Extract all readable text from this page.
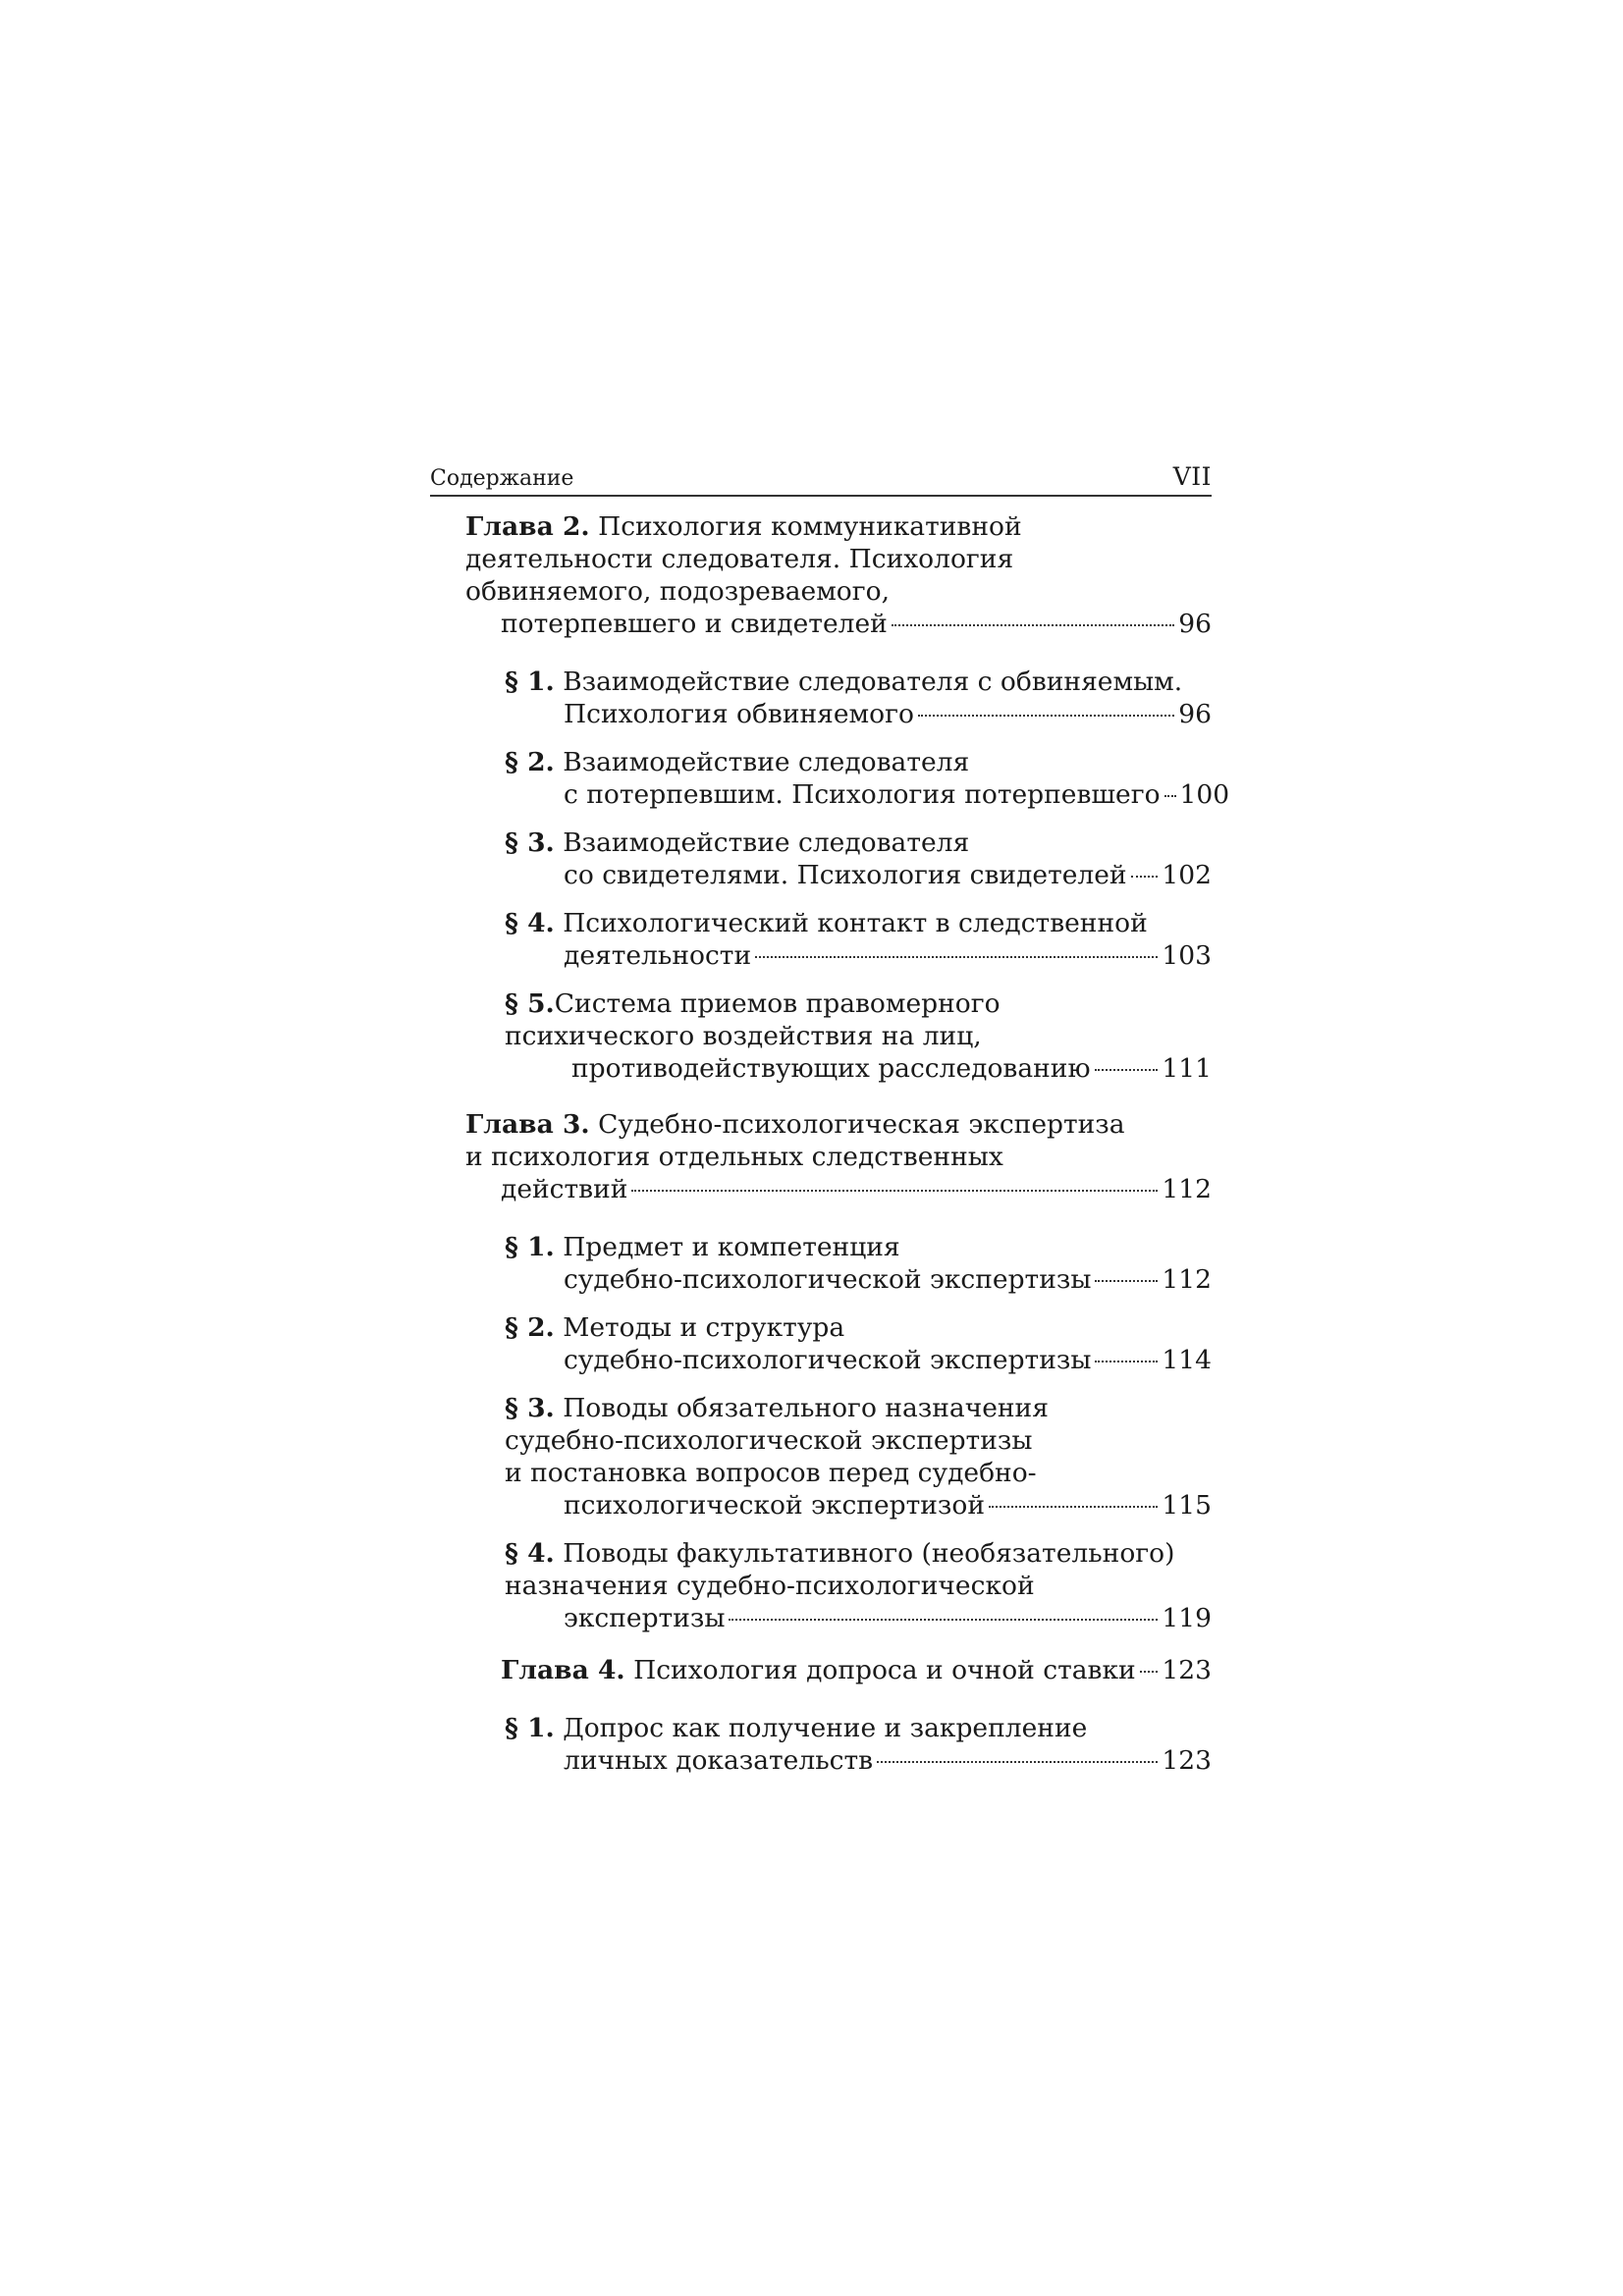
Содержание	VII
Глава 2. Психология коммуникативной
деятельности следователя. Психология
обвиняемого, подозреваемого,
потерпевшего и свидетелей	96
§ 1. Взаимодействие следователя с обвиняемым.
Психология обвиняемого	96
§ 2. Взаимодействие следователя
с потерпевшим. Психология потерпевшего 100
§ 3. Взаимодействие следователя
со свидетелями. Психология свидетелей 102
§ 4. Психологический контакт в следственной
деятельности	103
§ 5.Система приемов правомерного
психического воздействия на лиц,
противодействующих расследованию	111
Глава 3. Судебно-психологическая экспертиза
и психология отдельных следственных
действий	112
§ 1. Предмет и компетенция
судебно-психологической экспертизы	112
§ 2. Методы и структура
судебно-психологической экспертизы	114
§ 3. Поводы обязательного назначения
судебно-психологической экспертизы
и постановка вопросов перед судебно-
психологической экспертизой	115
§ 4. Поводы факультативного (необязательного)
назначения судебно-психологической
экспертизы	119
Глава 4. Психология допроса и очной ставки 123
§ 1. Допрос как получение и закрепление
личных доказательств	123
